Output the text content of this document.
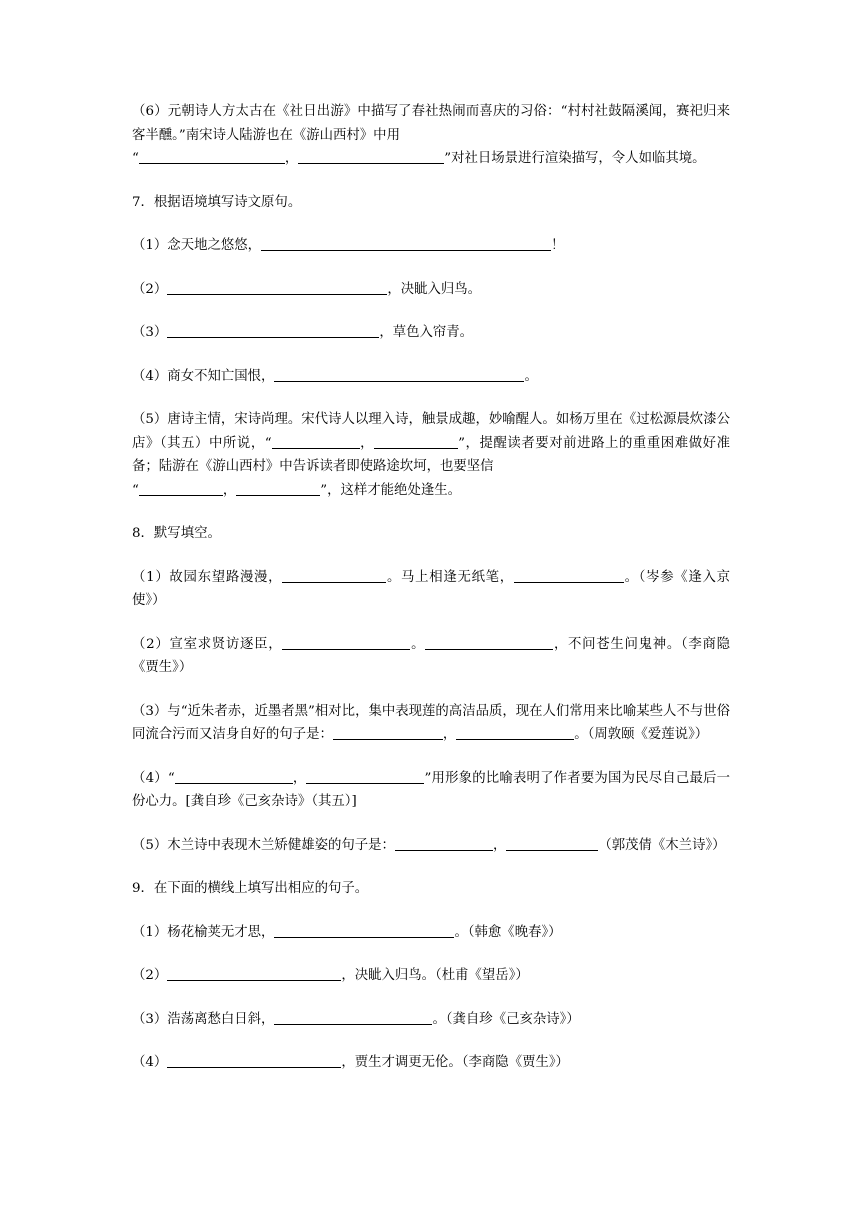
（6）元朝诗人方太古在《社日出游》中描写了春社热闹而喜庆的习俗：“村村社鼓隔溪闻，赛祀归来客半醺。”南宋诗人陆游也在《游山西村》中用
“	，	”对社日场景进行渲染描写，令人如临其境。

7．根据语境填写诗文原句。

（1）念天地之悠悠，	！

（2）	，决眦入归鸟。

（3）	，草色入帘青。

（4）商女不知亡国恨，	。

（5）唐诗主情，宋诗尚理。宋代诗人以理入诗，触景成趣，妙喻醒人。如杨万里在《过松源晨炊漆公店》（其五）中所说，“	，	”，提醒读者要对前进路上的重重困难做好准备；陆游在《游山西村》中告诉读者即使路途坎坷，也要坚信
“	，	”，这样才能绝处逢生。

8．默写填空。

（1）故园东望路漫漫，	。马上相逢无纸笔，	。（岑参《逢入京使》）

（2）宣室求贤访逐臣，	。	，不问苍生问鬼神。（李商隐《贾生》）

（3）与“近朱者赤，近墨者黑”相对比，集中表现莲的高洁品质，现在人们常用来比喻某些人不与世俗同流合污而又洁身自好的句子是：	，	。（周敦颐《爱莲说》）

（4）“	，	”用形象的比喻表明了作者要为国为民尽自己最后一份心力。[龚自珍《己亥杂诗》（其五）]

（5）木兰诗中表现木兰矫健雄姿的句子是：	，	（郭茂倩《木兰诗》）

9．在下面的横线上填写出相应的句子。

（1）杨花榆荚无才思，	。（韩愈《晚春》）

（2）	，决眦入归鸟。（杜甫《望岳》）

（3）浩荡离愁白日斜，	。（龚自珍《己亥杂诗》）

（4）	，贾生才调更无伦。（李商隐《贾生》）
